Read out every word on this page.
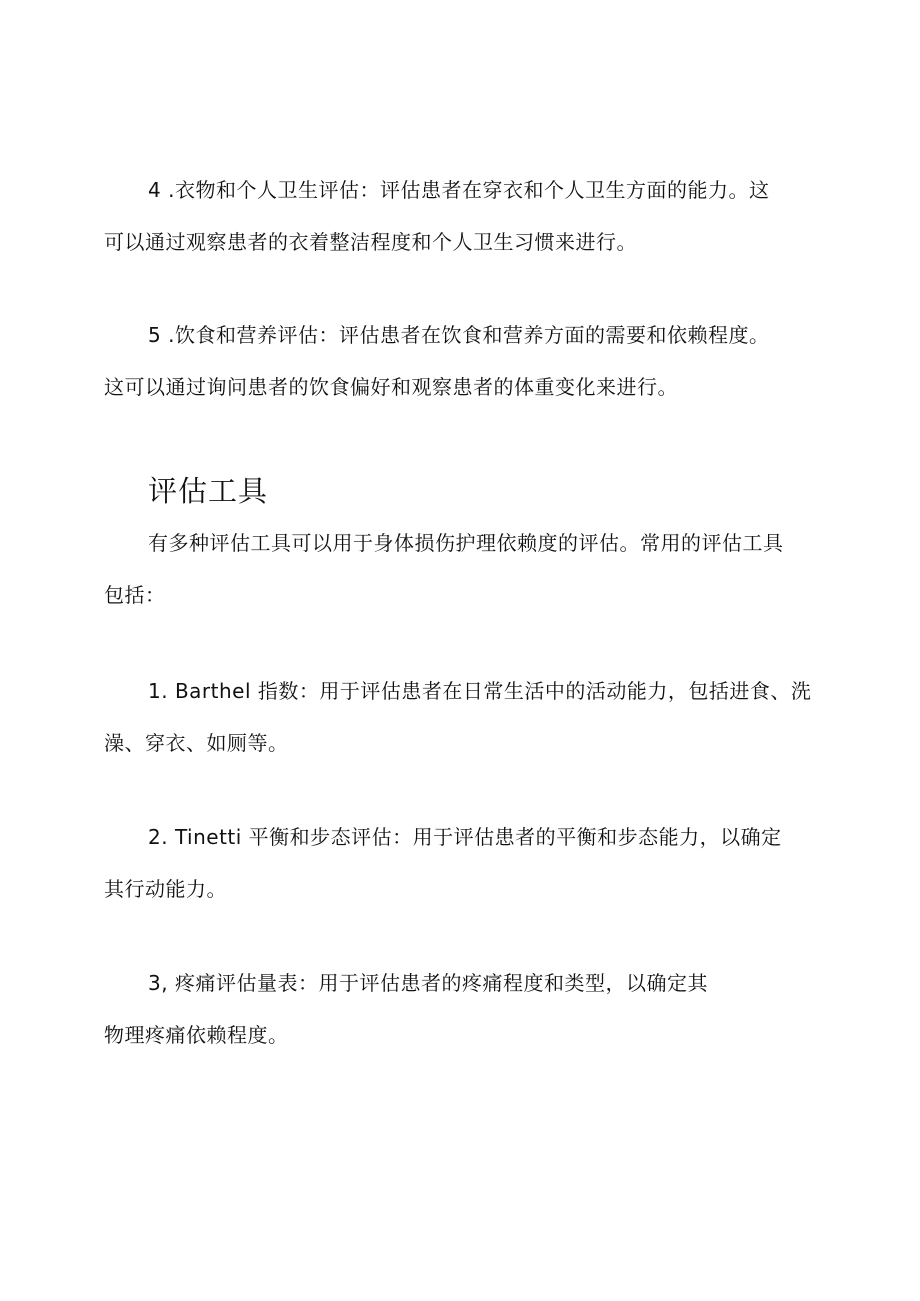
4 .衣物和个人卫生评估：评估患者在穿衣和个人卫生方面的能力。这
可以通过观察患者的衣着整洁程度和个人卫生习惯来进行。

5 .饮食和营养评估：评估患者在饮食和营养方面的需要和依赖程度。
这可以通过询问患者的饮食偏好和观察患者的体重变化来进行。

评估工具

有多种评估工具可以用于身体损伤护理依赖度的评估。常用的评估工具
包括：

1. Barthel 指数：用于评估患者在日常生活中的活动能力，包括进食、洗
澡、穿衣、如厕等。

2. Tinetti 平衡和步态评估：用于评估患者的平衡和步态能力，以确定
其行动能力。

3, 疼痛评估量表：用于评估患者的疼痛程度和类型，以确定其
物理疼痛依赖程度。
